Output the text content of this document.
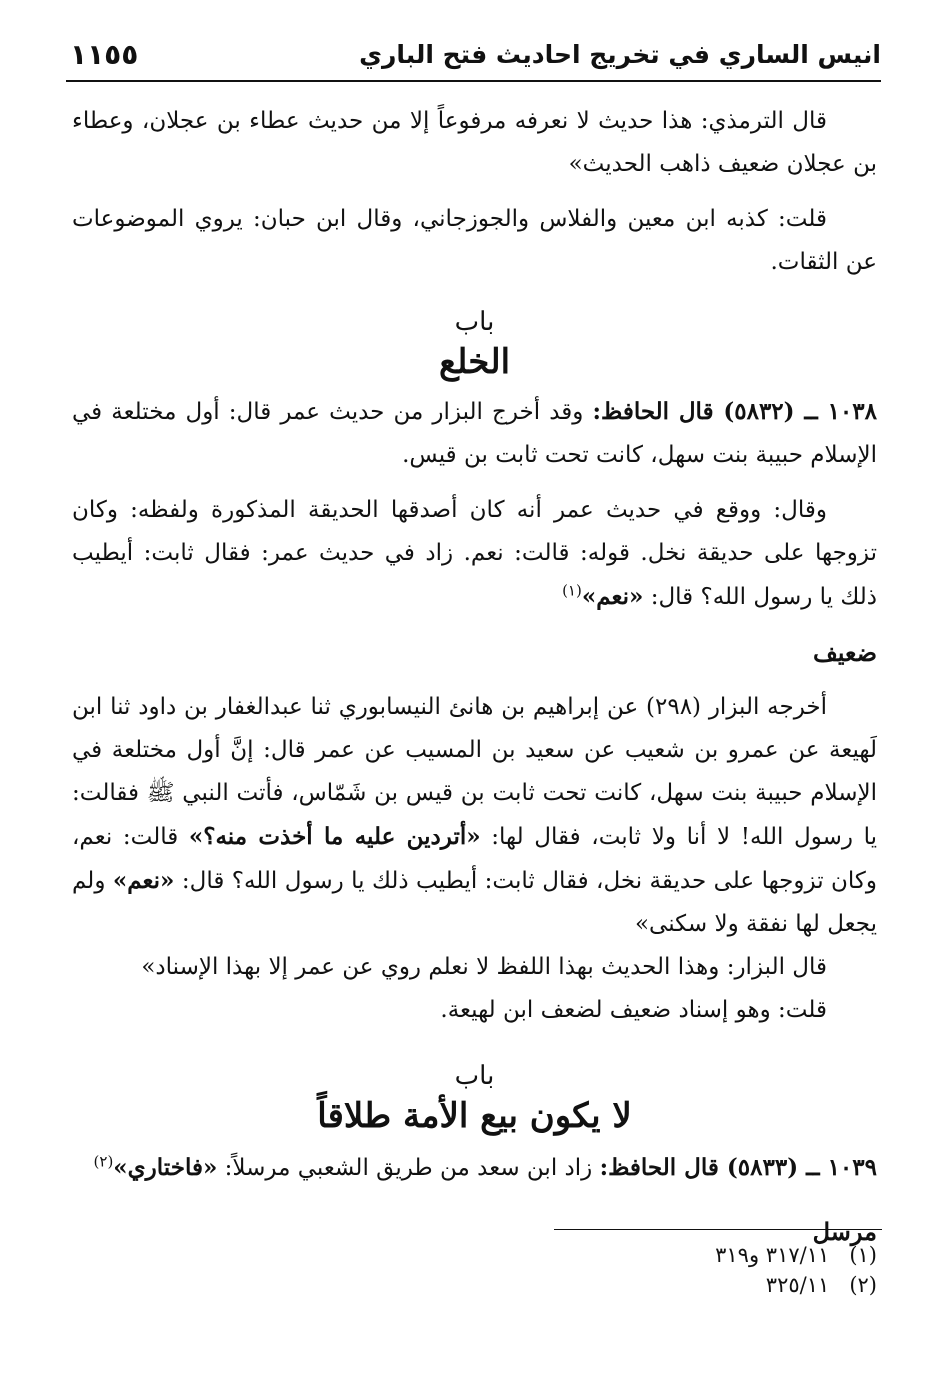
انيس الساري في تخريج احاديث فتح الباري
١١٥٥

قال الترمذي: هذا حديث لا نعرفه مرفوعاً إلا من حديث عطاء بن عجلان، وعطاء بن عجلان ضعيف ذاهب الحديث»

قلت: كذبه ابن معين والفلاس والجوزجاني، وقال ابن حبان: يروي الموضوعات عن الثقات.

باب
الخلع

١٠٣٨ ــ (٥٨٣٢) قال الحافظ: وقد أخرج البزار من حديث عمر قال: أول مختلعة في الإسلام حبيبة بنت سهل، كانت تحت ثابت بن قيس.

وقال: ووقع في حديث عمر أنه كان أصدقها الحديقة المذكورة ولفظه: وكان تزوجها على حديقة نخل. قوله: قالت: نعم. زاد في حديث عمر: فقال ثابت: أيطيب ذلك يا رسول الله؟ قال: «نعم»$^{(١)}$

ضعيف

أخرجه البزار (٢٩٨) عن إبراهيم بن هانئ النيسابوري ثنا عبدالغفار بن داود ثنا ابن لَهيعة عن عمرو بن شعيب عن سعيد بن المسيب عن عمر قال: إنَّ أول مختلعة في الإسلام حبيبة بنت سهل، كانت تحت ثابت بن قيس بن شَمّاس، فأتت النبي ﷺ فقالت: يا رسول الله! لا أنا ولا ثابت، فقال لها: «أتردين عليه ما أخذت منه؟» قالت: نعم، وكان تزوجها على حديقة نخل، فقال ثابت: أيطيب ذلك يا رسول الله؟ قال: «نعم» ولم يجعل لها نفقة ولا سكنى»

قال البزار: وهذا الحديث بهذا اللفظ لا نعلم روي عن عمر إلا بهذا الإسناد»

قلت: وهو إسناد ضعيف لضعف ابن لهيعة.

باب
لا يكون بيع الأمة طلاقاً

١٠٣٩ ــ (٥٨٣٣) قال الحافظ: زاد ابن سعد من طريق الشعبي مرسلاً: «فاختاري»$^{(٢)}$

مرسل

(١)   ٣١٧/١١ و٣١٩
(٢)   ٣٢٥/١١
